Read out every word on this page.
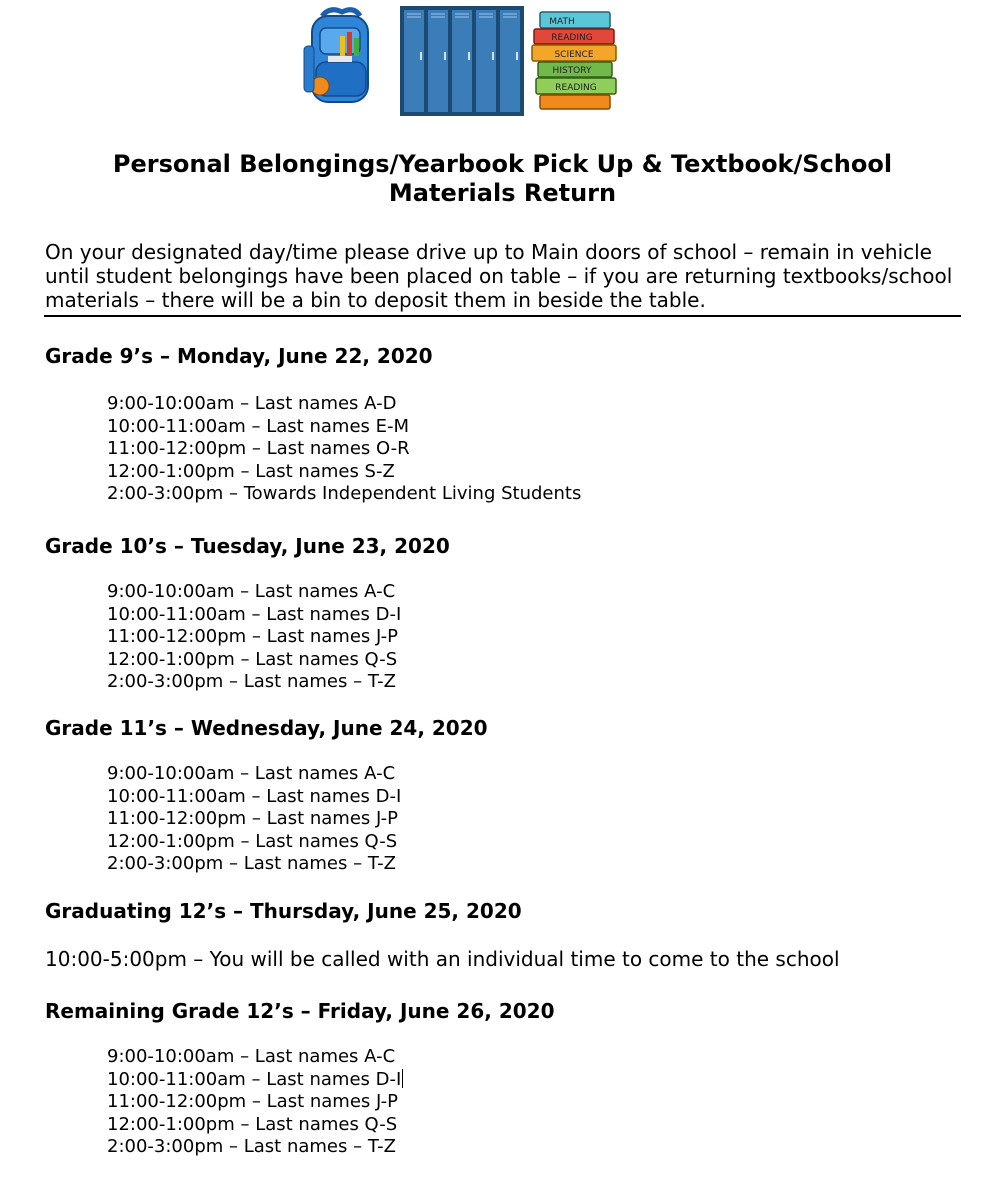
MATH
READING
SCIENCE
HISTORY
READING
Personal Belongings/Yearbook Pick Up & Textbook/School Materials Return
On your designated day/time please drive up to Main doors of school – remain in vehicle until student belongings have been placed on table – if you are returning textbooks/school materials – there will be a bin to deposit them in beside the table.
Grade 9’s – Monday, June 22, 2020
9:00-10:00am – Last names A-D
10:00-11:00am – Last names E-M
11:00-12:00pm – Last names O-R
12:00-1:00pm – Last names S-Z
2:00-3:00pm – Towards Independent Living Students
Grade 10’s – Tuesday, June 23, 2020
9:00-10:00am – Last names A-C
10:00-11:00am – Last names D-I
11:00-12:00pm – Last names J-P
12:00-1:00pm – Last names Q-S
2:00-3:00pm – Last names – T-Z
Grade 11’s – Wednesday, June 24, 2020
9:00-10:00am – Last names A-C
10:00-11:00am – Last names D-I
11:00-12:00pm – Last names J-P
12:00-1:00pm – Last names Q-S
2:00-3:00pm – Last names – T-Z
Graduating 12’s – Thursday, June 25, 2020
10:00-5:00pm – You will be called with an individual time to come to the school
Remaining Grade 12’s – Friday, June 26, 2020
9:00-10:00am – Last names A-C
10:00-11:00am – Last names D-I
11:00-12:00pm – Last names J-P
12:00-1:00pm – Last names Q-S
2:00-3:00pm – Last names – T-Z
